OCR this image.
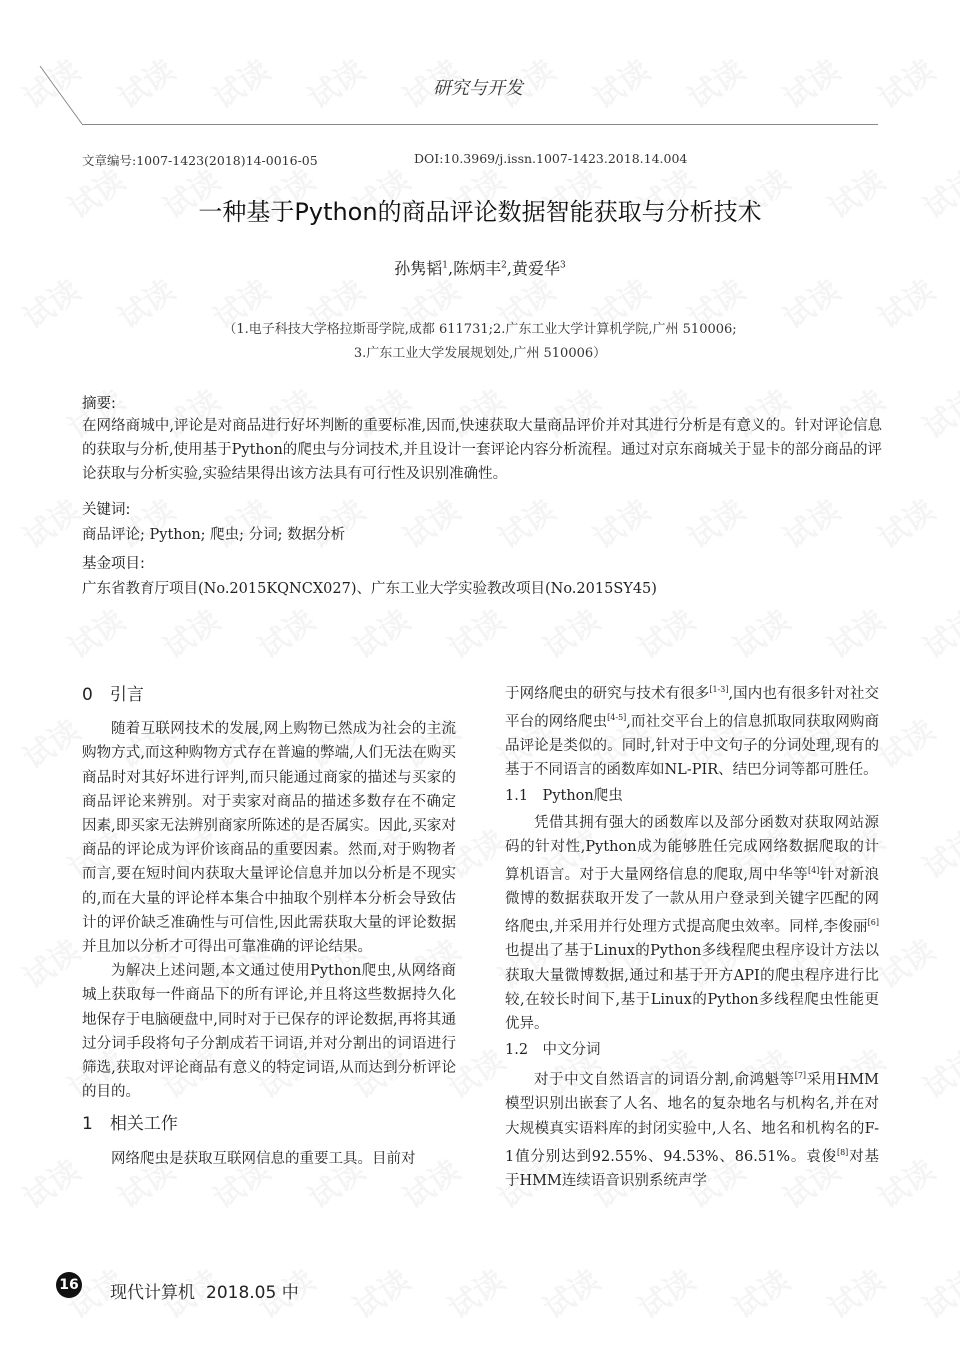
研究与开发
文章编号:1007-1423(2018)14-0016-05	DOI:10.3969/j.issn.1007-1423.2018.14.004
一种基于Python的商品评论数据智能获取与分析技术
孙隽韬$^1$,陈炳丰$^2$,黄爱华$^3$
（1.电子科技大学格拉斯哥学院,成都 611731;2.广东工业大学计算机学院,广州 510006;
3.广东工业大学发展规划处,广州 510006）
摘要:
在网络商城中,评论是对商品进行好坏判断的重要标准,因而,快速获取大量商品评价并对其进行分析是有意义的。针对评论信息的获取与分析,使用基于Python的爬虫与分词技术,并且设计一套评论内容分析流程。通过对京东商城关于显卡的部分商品的评论获取与分析实验,实验结果得出该方法具有可行性及识别准确性。
关键词:
商品评论; Python; 爬虫; 分词; 数据分析
基金项目:
广东省教育厅项目(No.2015KQNCX027)、广东工业大学实验教改项目(No.2015SY45)
0　引言

随着互联网技术的发展,网上购物已然成为社会的主流购物方式,而这种购物方式存在普遍的弊端,人们无法在购买商品时对其好坏进行评判,而只能通过商家的描述与买家的商品评论来辨别。对于卖家对商品的描述多数存在不确定因素,即买家无法辨别商家所陈述的是否属实。因此,买家对商品的评论成为评价该商品的重要因素。然而,对于购物者而言,要在短时间内获取大量评论信息并加以分析是不现实的,而在大量的评论样本集合中抽取个别样本分析会导致估计的评价缺乏准确性与可信性,因此需获取大量的评论数据并且加以分析才可得出可靠准确的评论结果。

为解决上述问题,本文通过使用Python爬虫,从网络商城上获取每一件商品下的所有评论,并且将这些数据持久化地保存于电脑硬盘中,同时对于已保存的评论数据,再将其通过分词手段将句子分割成若干词语,并对分割出的词语进行筛选,获取对评论商品有意义的特定词语,从而达到分析评论的目的。

1　相关工作

网络爬虫是获取互联网信息的重要工具。目前对

于网络爬虫的研究与技术有很多[1-3],国内也有很多针对社交平台的网络爬虫[4-5],而社交平台上的信息抓取同获取网购商品评论是类似的。同时,针对于中文句子的分词处理,现有的基于不同语言的函数库如NL-PIR、结巴分词等都可胜任。

1.1　Python爬虫

凭借其拥有强大的函数库以及部分函数对获取网站源码的针对性,Python成为能够胜任完成网络数据爬取的计算机语言。对于大量网络信息的爬取,周中华等[4]针对新浪微博的数据获取开发了一款从用户登录到关键字匹配的网络爬虫,并采用并行处理方式提高爬虫效率。同样,李俊丽[6]也提出了基于Linux的Python多线程爬虫程序设计方法以获取大量微博数据,通过和基于开方API的爬虫程序进行比较,在较长时间下,基于Linux的Python多线程爬虫性能更优异。

1.2　中文分词

对于中文自然语言的词语分割,俞鸿魁等[7]采用HMM模型识别出嵌套了人名、地名的复杂地名与机构名,并在对大规模真实语料库的封闭实验中,人名、地名和机构名的F-1值分别达到92.55%、94.53%、86.51%。袁俊[8]对基于HMM连续语音识别系统声学

16 现代计算机 2018.05 中
